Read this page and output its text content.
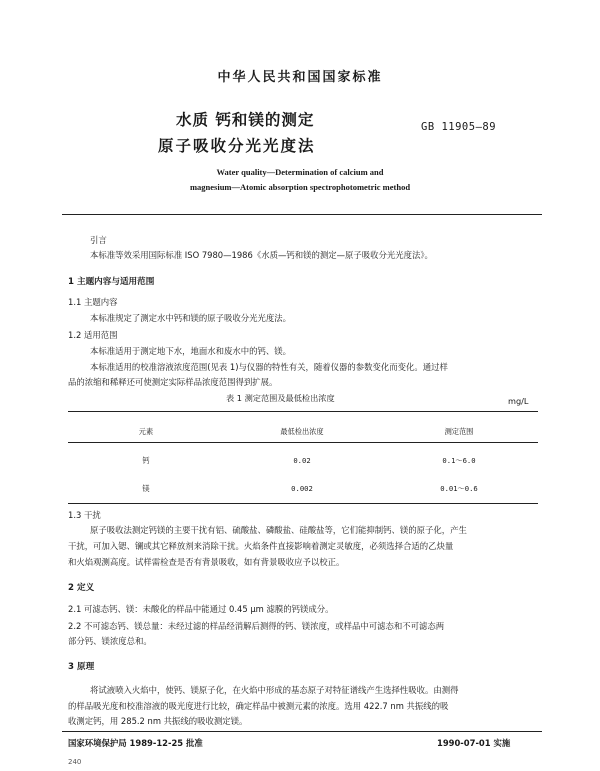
中华人民共和国国家标准
水质 钙和镁的测定
原子吸收分光光度法
GB 11905—89
Water quality—Determination of calcium and
magnesium—Atomic absorption spectrophotometric method
引言
本标准等效采用国际标准 ISO 7980—1986《水质—钙和镁的测定—原子吸收分光光度法》。
1 主题内容与适用范围
1.1 主题内容
本标准规定了测定水中钙和镁的原子吸收分光光度法。
1.2 适用范围
本标准适用于测定地下水，地面水和废水中的钙、镁。
本标准适用的校准溶液浓度范围(见表 1)与仪器的特性有关，随着仪器的参数变化而变化。通过样
品的浓缩和稀释还可使测定实际样品浓度范围得到扩展。
表 1 测定范围及最低检出浓度	mg/L
元素	最低检出浓度	测定范围
钙	0.02	0.1～6.0
镁	0.002	0.01～0.6
1.3 干扰
原子吸收法测定钙镁的主要干扰有铝、硫酸盐、磷酸盐、硅酸盐等，它们能抑制钙、镁的原子化，产生
干扰，可加入锶、镧或其它释放剂来消除干扰。火焰条件直接影响着测定灵敏度，必须选择合适的乙炔量
和火焰观测高度。试样需检查是否有背景吸收，如有背景吸收应予以校正。
2 定义
2.1 可滤态钙、镁：未酸化的样品中能通过 0.45 μm 滤膜的钙镁成分。
2.2 不可滤态钙、镁总量：未经过滤的样品经消解后测得的钙、镁浓度，或样品中可滤态和不可滤态两
部分钙、镁浓度总和。
3 原理
将试液喷入火焰中，使钙、镁原子化，在火焰中形成的基态原子对特征谱线产生选择性吸收。由测得
的样品吸光度和校准溶液的吸光度进行比较，确定样品中被测元素的浓度。选用 422.7 nm 共振线的吸
收测定钙，用 285.2 nm 共振线的吸收测定镁。
国家环境保护局 1989-12-25 批准	1990-07-01 实施
240
